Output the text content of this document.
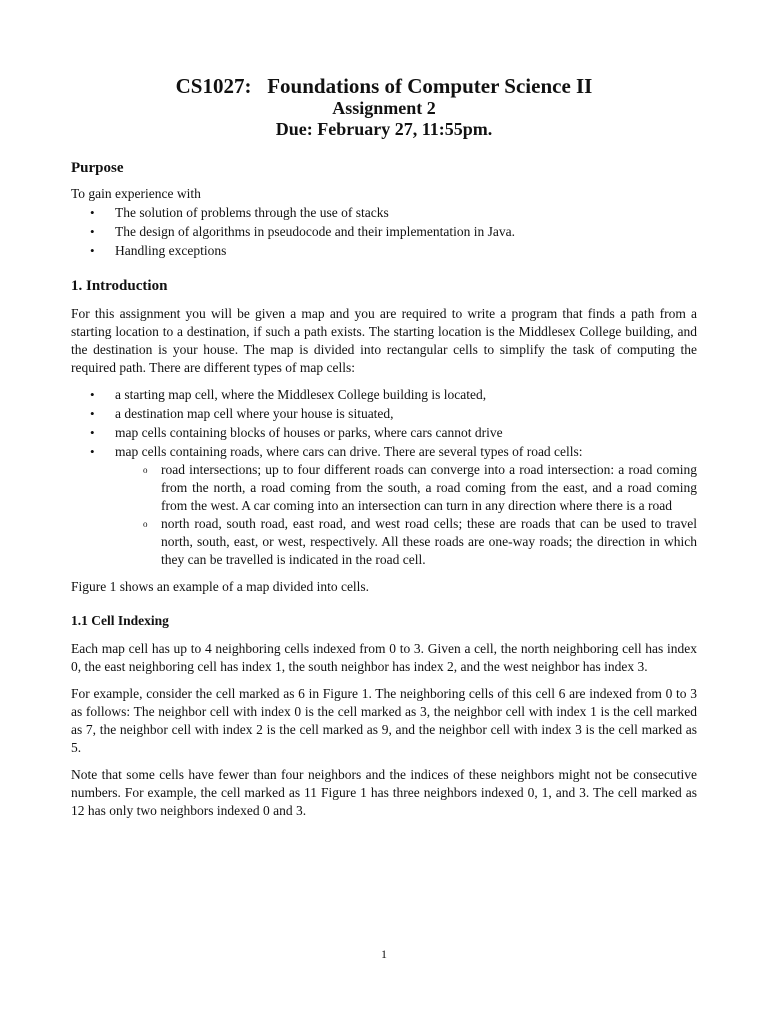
CS1027:   Foundations of Computer Science II
Assignment 2
Due: February 27, 11:55pm.
Purpose

To gain experience with

• The solution of problems through the use of stacks
• The design of algorithms in pseudocode and their implementation in Java.
• Handling exceptions
1. Introduction

For this assignment you will be given a map and you are required to write a program that finds a path from a starting location to a destination, if such a path exists. The starting location is the Middlesex College building, and the destination is your house. The map is divided into rectangular cells to simplify the task of computing the required path. There are different types of map cells:

• a starting map cell, where the Middlesex College building is located,
• a destination map cell where your house is situated,
• map cells containing blocks of houses or parks, where cars cannot drive
• map cells containing roads, where cars can drive. There are several types of road cells:
o road intersections; up to four different roads can converge into a road intersection: a road coming from the north, a road coming from the south, a road coming from the east, and a road coming from the west. A car coming into an intersection can turn in any direction where there is a road
o north road, south road, east road, and west road cells; these are roads that can be used to travel north, south, east, or west, respectively. All these roads are one-way roads; the direction in which they can be travelled is indicated in the road cell.

Figure 1 shows an example of a map divided into cells.

1.1 Cell Indexing

Each map cell has up to 4 neighboring cells indexed from 0 to 3. Given a cell, the north neighboring cell has index 0, the east neighboring cell has index 1, the south neighbor has index 2, and the west neighbor has index 3.

For example, consider the cell marked as 6 in Figure 1. The neighboring cells of this cell 6 are indexed from 0 to 3 as follows: The neighbor cell with index 0 is the cell marked as 3, the neighbor cell with index 1 is the cell marked as 7, the neighbor cell with index 2 is the cell marked as 9, and the neighbor cell with index 3 is the cell marked as 5.

Note that some cells have fewer than four neighbors and the indices of these neighbors might not be consecutive numbers. For example, the cell marked as 11 Figure 1 has three neighbors indexed 0, 1, and 3. The cell marked as 12 has only two neighbors indexed 0 and 3.

1
